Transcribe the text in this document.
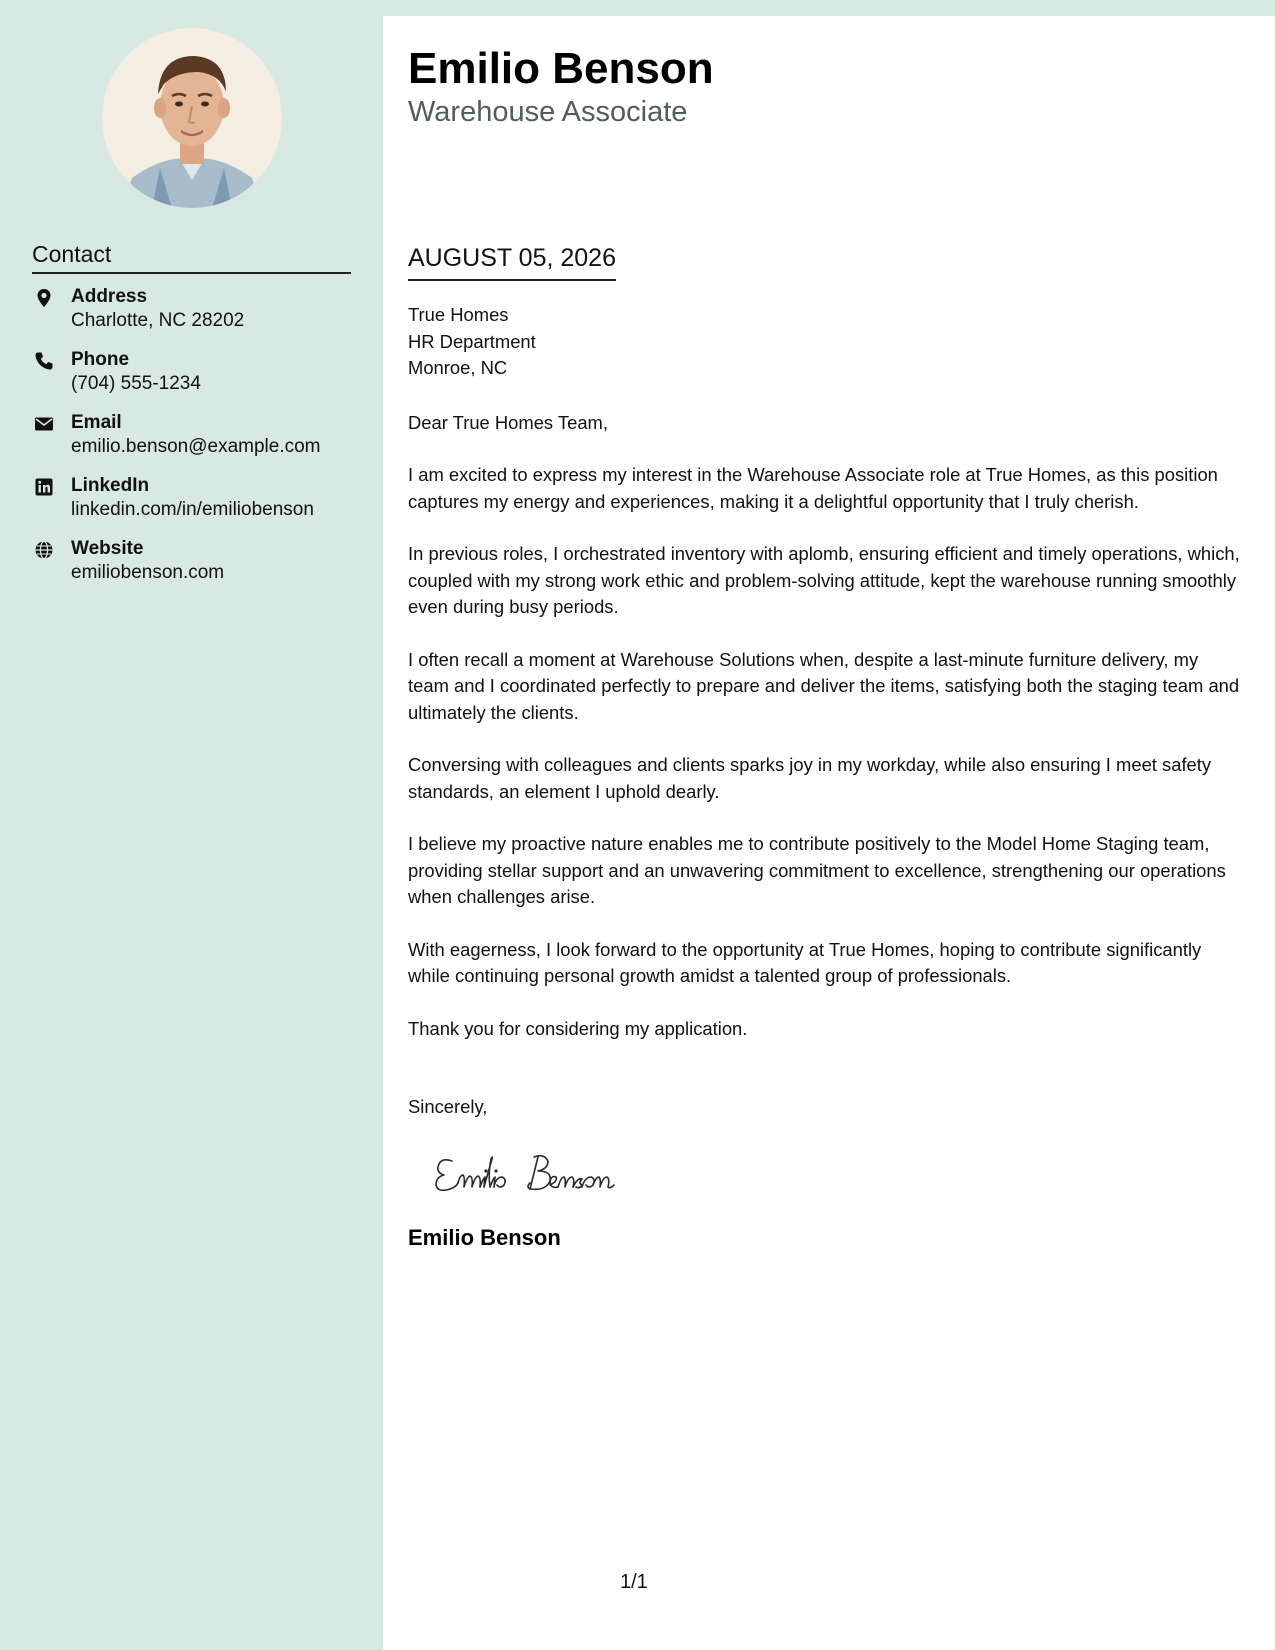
Contact
Address
Charlotte, NC 28202
Phone
(704) 555-1234
Email
emilio.benson@example.com
LinkedIn
linkedin.com/in/emiliobenson
Website
emiliobenson.com
Emilio Benson
Warehouse Associate
AUGUST 05, 2026
True Homes
HR Department
Monroe, NC

Dear True Homes Team,

I am excited to express my interest in the Warehouse Associate role at True Homes, as this position captures my energy and experiences, making it a delightful opportunity that I truly cherish.

In previous roles, I orchestrated inventory with aplomb, ensuring efficient and timely operations, which, coupled with my strong work ethic and problem-solving attitude, kept the warehouse running smoothly even during busy periods.

I often recall a moment at Warehouse Solutions when, despite a last-minute furniture delivery, my team and I coordinated perfectly to prepare and deliver the items, satisfying both the staging team and ultimately the clients.

Conversing with colleagues and clients sparks joy in my workday, while also ensuring I meet safety standards, an element I uphold dearly.

I believe my proactive nature enables me to contribute positively to the Model Home Staging team, providing stellar support and an unwavering commitment to excellence, strengthening our operations when challenges arise.

With eagerness, I look forward to the opportunity at True Homes, hoping to contribute significantly while continuing personal growth amidst a talented group of professionals.

Thank you for considering my application.

Sincerely,

Emilio Benson
1/1
